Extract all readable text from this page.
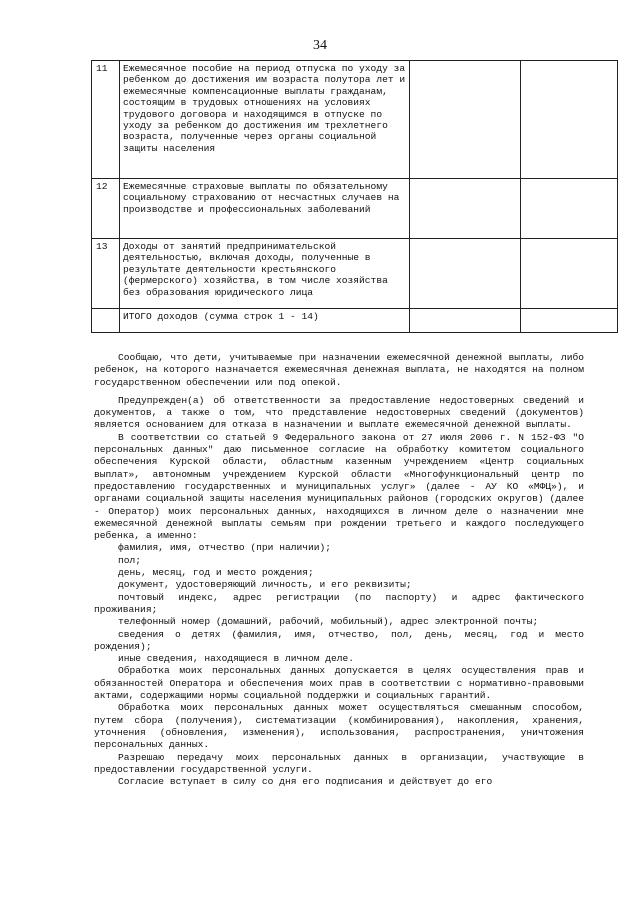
34
11	Ежемесячное пособие на период отпуска по уходу за ребенком до достижения им возраста полутора лет и ежемесячные компенсационные выплаты гражданам, состоящим в трудовых отношениях на условиях трудового договора и находящимся в отпуске по уходу за ребенком до достижения им трехлетнего возраста, полученные через органы социальной защиты населения		
12	Ежемесячные страховые выплаты по обязательному социальному страхованию от несчастных случаев на производстве и профессиональных заболеваний		
13	Доходы от занятий предпринимательской деятельностью, включая доходы, полученные в результате деятельности крестьянского (фермерского) хозяйства, в том числе хозяйства без образования юридического лица		
	ИТОГО доходов (сумма строк 1 - 14)		

Сообщаю, что дети, учитываемые при назначении ежемесячной денежной выплаты, либо ребенок, на которого назначается ежемесячная денежная выплата, не находятся на полном государственном обеспечении или под опекой.

Предупрежден(а) об ответственности за предоставление недостоверных сведений и документов, а также о том, что представление недостоверных сведений (документов) является основанием для отказа в назначении и выплате ежемесячной денежной выплаты.

В соответствии со статьей 9 Федерального закона от 27 июля 2006 г. N 152-ФЗ "О персональных данных" даю письменное согласие на обработку комитетом социального обеспечения Курской области, областным казенным учреждением «Центр социальных выплат», автономным учреждением Курской области «Многофункциональный центр по предоставлению государственных и муниципальных услуг» (далее - АУ КО «МФЦ»), и органами социальной защиты населения муниципальных районов (городских округов) (далее - Оператор) моих персональных данных, находящихся в личном деле о назначении мне ежемесячной денежной выплаты семьям при рождении третьего и каждого последующего ребенка, а именно:

фамилия, имя, отчество (при наличии);

пол;

день, месяц, год и место рождения;

документ, удостоверяющий личность, и его реквизиты;

почтовый индекс, адрес регистрации (по паспорту) и адрес фактического проживания;

телефонный номер (домашний, рабочий, мобильный), адрес электронной почты;

сведения о детях (фамилия, имя, отчество, пол, день, месяц, год и место рождения);

иные сведения, находящиеся в личном деле.

Обработка моих персональных данных допускается в целях осуществления прав и обязанностей Оператора и обеспечения моих прав в соответствии с нормативно-правовыми актами, содержащими нормы социальной поддержки и социальных гарантий.

Обработка моих персональных данных может осуществляться смешанным способом, путем сбора (получения), систематизации (комбинирования), накопления, хранения, уточнения (обновления, изменения), использования, распространения, уничтожения персональных данных.

Разрешаю передачу моих персональных данных в организации, участвующие в предоставлении государственной услуги.

Согласие вступает в силу со дня его подписания и действует до его
